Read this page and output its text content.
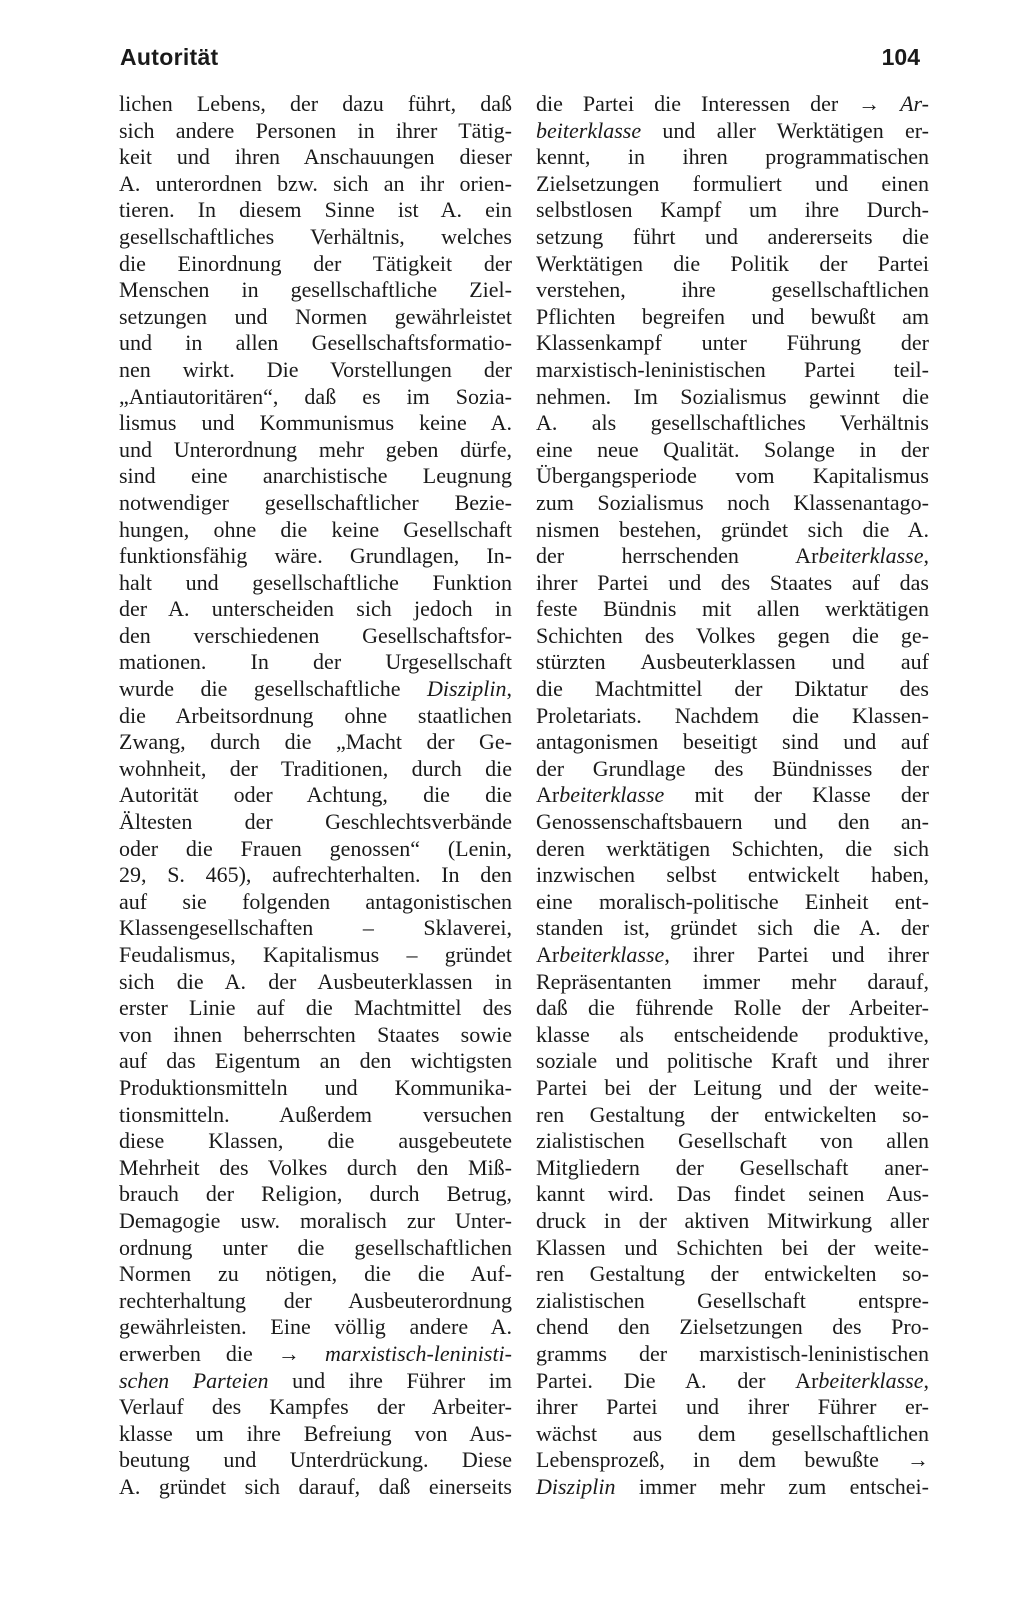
Autorität	104
lichen Lebens, der dazu führt, daß
sich andere Personen in ihrer Tätig-
keit und ihren Anschauungen dieser
A. unterordnen bzw. sich an ihr orien-
tieren. In diesem Sinne ist A. ein
gesellschaftliches Verhältnis, welches
die Einordnung der Tätigkeit der
Menschen in gesellschaftliche Ziel-
setzungen und Normen gewährleistet
und in allen Gesellschaftsformatio-
nen wirkt. Die Vorstellungen der
„Antiautoritären“, daß es im Sozia-
lismus und Kommunismus keine A.
und Unterordnung mehr geben dürfe,
sind eine anarchistische Leugnung
notwendiger gesellschaftlicher Bezie-
hungen, ohne die keine Gesellschaft
funktionsfähig wäre. Grundlagen, In-
halt und gesellschaftliche Funktion
der A. unterscheiden sich jedoch in
den verschiedenen Gesellschaftsfor-
mationen. In der Urgesellschaft
wurde die gesellschaftliche Disziplin,
die Arbeitsordnung ohne staatlichen
Zwang, durch die „Macht der Ge-
wohnheit, der Traditionen, durch die
Autorität oder Achtung, die die
Ältesten der Geschlechtsverbände
oder die Frauen genossen“ (Lenin,
29, S. 465), aufrechterhalten. In den
auf sie folgenden antagonistischen
Klassengesellschaften – Sklaverei,
Feudalismus, Kapitalismus – gründet
sich die A. der Ausbeuterklassen in
erster Linie auf die Machtmittel des
von ihnen beherrschten Staates sowie
auf das Eigentum an den wichtigsten
Produktionsmitteln und Kommunika-
tionsmitteln. Außerdem versuchen
diese Klassen, die ausgebeutete
Mehrheit des Volkes durch den Miß-
brauch der Religion, durch Betrug,
Demagogie usw. moralisch zur Unter-
ordnung unter die gesellschaftlichen
Normen zu nötigen, die die Auf-
rechterhaltung der Ausbeuterordnung
gewährleisten. Eine völlig andere A.
erwerben die → marxistisch-leninisti-
schen Parteien und ihre Führer im
Verlauf des Kampfes der Arbeiter-
klasse um ihre Befreiung von Aus-
beutung und Unterdrückung. Diese
A. gründet sich darauf, daß einerseits
die Partei die Interessen der → Ar-
beiterklasse und aller Werktätigen er-
kennt, in ihren programmatischen
Zielsetzungen formuliert und einen
selbstlosen Kampf um ihre Durch-
setzung führt und andererseits die
Werktätigen die Politik der Partei
verstehen, ihre gesellschaftlichen
Pflichten begreifen und bewußt am
Klassenkampf unter Führung der
marxistisch-leninistischen Partei teil-
nehmen. Im Sozialismus gewinnt die
A. als gesellschaftliches Verhältnis
eine neue Qualität. Solange in der
Übergangsperiode vom Kapitalismus
zum Sozialismus noch Klassenantago-
nismen bestehen, gründet sich die A.
der herrschenden Arbeiterklasse,
ihrer Partei und des Staates auf das
feste Bündnis mit allen werktätigen
Schichten des Volkes gegen die ge-
stürzten Ausbeuterklassen und auf
die Machtmittel der Diktatur des
Proletariats. Nachdem die Klassen-
antagonismen beseitigt sind und auf
der Grundlage des Bündnisses der
Arbeiterklasse mit der Klasse der
Genossenschaftsbauern und den an-
deren werktätigen Schichten, die sich
inzwischen selbst entwickelt haben,
eine moralisch-politische Einheit ent-
standen ist, gründet sich die A. der
Arbeiterklasse, ihrer Partei und ihrer
Repräsentanten immer mehr darauf,
daß die führende Rolle der Arbeiter-
klasse als entscheidende produktive,
soziale und politische Kraft und ihrer
Partei bei der Leitung und der weite-
ren Gestaltung der entwickelten so-
zialistischen Gesellschaft von allen
Mitgliedern der Gesellschaft aner-
kannt wird. Das findet seinen Aus-
druck in der aktiven Mitwirkung aller
Klassen und Schichten bei der weite-
ren Gestaltung der entwickelten so-
zialistischen Gesellschaft entspre-
chend den Zielsetzungen des Pro-
gramms der marxistisch-leninistischen
Partei. Die A. der Arbeiterklasse,
ihrer Partei und ihrer Führer er-
wächst aus dem gesellschaftlichen
Lebensprozeß, in dem bewußte →
Disziplin immer mehr zum entschei-
